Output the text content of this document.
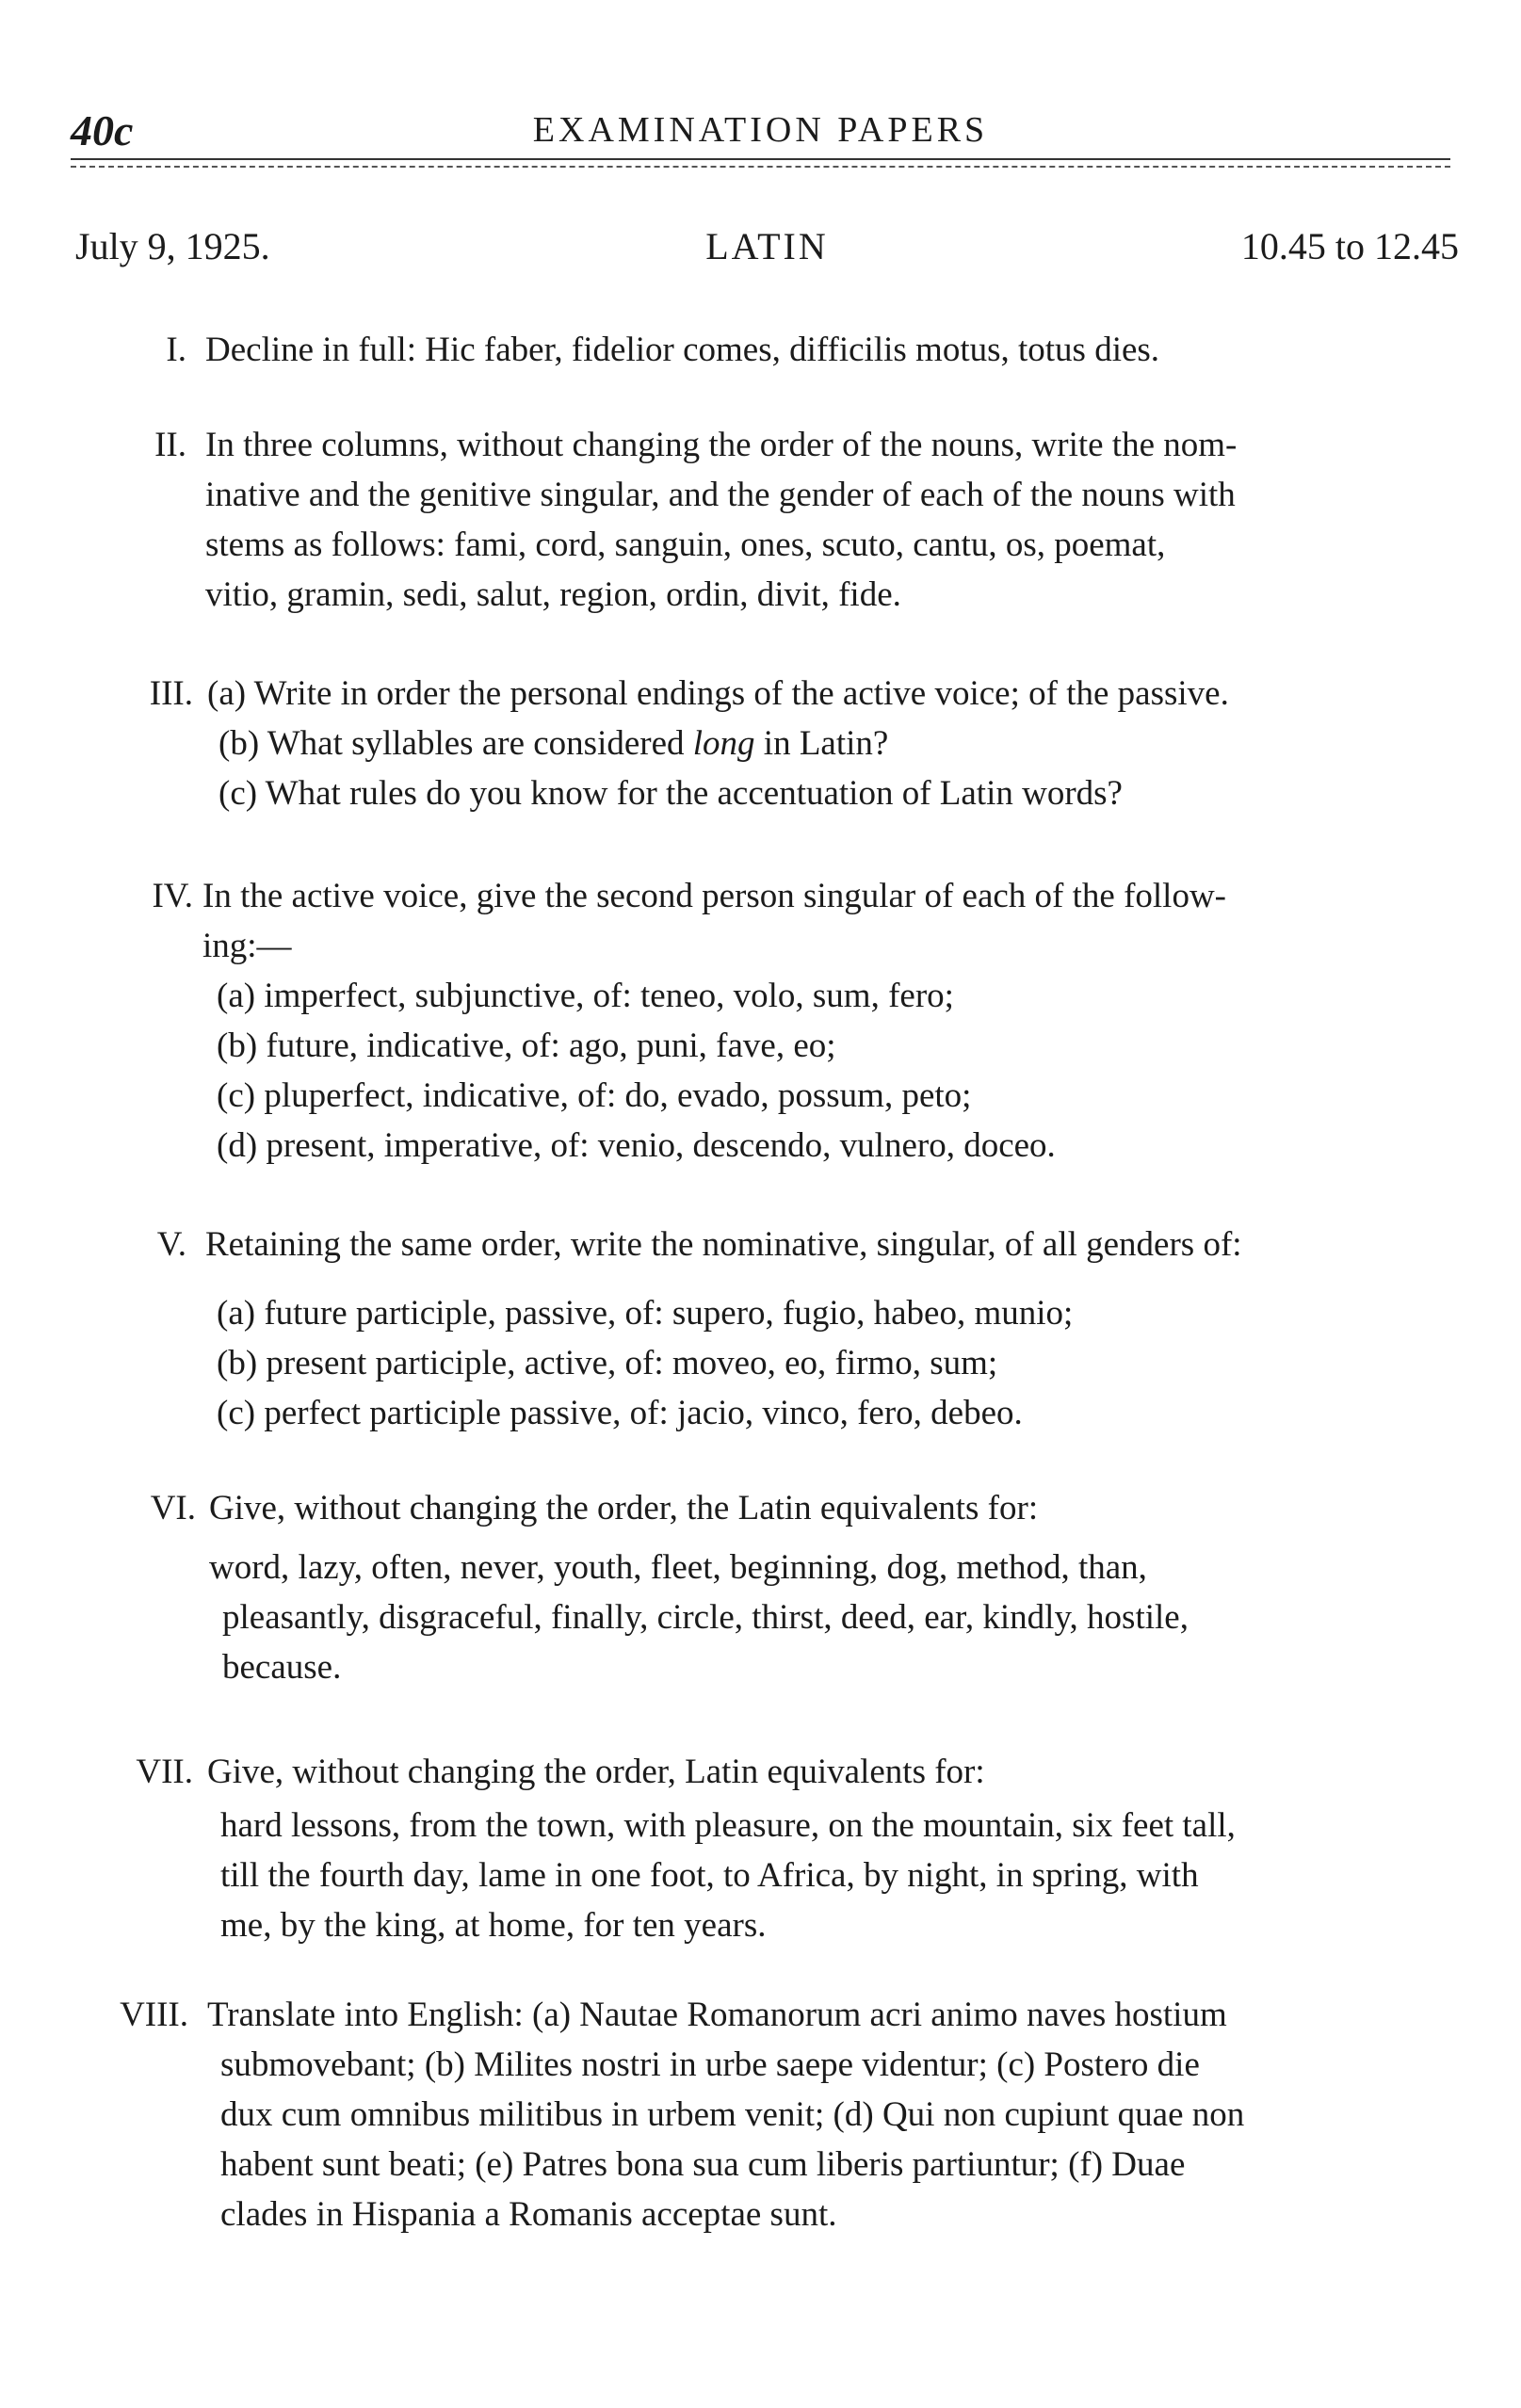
40c	EXAMINATION PAPERS
July 9, 1925.	LATIN	10.45 to 12.45
I. Decline in full: Hic faber, fidelior comes, difficilis motus, totus dies.
II. In three columns, without changing the order of the nouns, write the nom-
inative and the genitive singular, and the gender of each of the nouns with
stems as follows: fami, cord, sanguin, ones, scuto, cantu, os, poemat,
vitio, gramin, sedi, salut, region, ordin, divit, fide.
III. (a) Write in order the personal endings of the active voice; of the passive.
(b) What syllables are considered long in Latin?
(c) What rules do you know for the accentuation of Latin words?
IV. In the active voice, give the second person singular of each of the follow-
ing:—
(a) imperfect, subjunctive, of: teneo, volo, sum, fero;
(b) future, indicative, of: ago, puni, fave, eo;
(c) pluperfect, indicative, of: do, evado, possum, peto;
(d) present, imperative, of: venio, descendo, vulnero, doceo.
V. Retaining the same order, write the nominative, singular, of all genders of:
(a) future participle, passive, of: supero, fugio, habeo, munio;
(b) present participle, active, of: moveo, eo, firmo, sum;
(c) perfect participle passive, of: jacio, vinco, fero, debeo.
VI. Give, without changing the order, the Latin equivalents for:
word, lazy, often, never, youth, fleet, beginning, dog, method, than,
pleasantly, disgraceful, finally, circle, thirst, deed, ear, kindly, hostile,
because.
VII. Give, without changing the order, Latin equivalents for:
hard lessons, from the town, with pleasure, on the mountain, six feet tall,
till the fourth day, lame in one foot, to Africa, by night, in spring, with
me, by the king, at home, for ten years.
VIII. Translate into English: (a) Nautae Romanorum acri animo naves hostium
submovebant; (b) Milites nostri in urbe saepe videntur; (c) Postero die
dux cum omnibus militibus in urbem venit; (d) Qui non cupiunt quae non
habent sunt beati; (e) Patres bona sua cum liberis partiuntur; (f) Duae
clades in Hispania a Romanis acceptae sunt.
